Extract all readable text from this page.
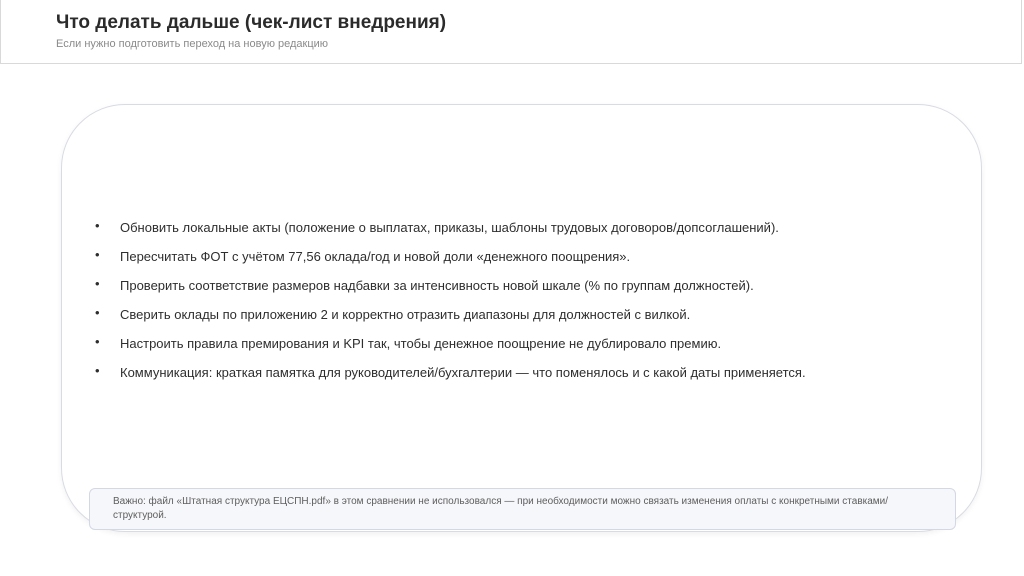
Что делать дальше (чек-лист внедрения)
Если нужно подготовить переход на новую редакцию
• Обновить локальные акты (положение о выплатах, приказы, шаблоны трудовых договоров/допсоглашений).
• Пересчитать ФОТ с учётом 77,56 оклада/год и новой доли «денежного поощрения».
• Проверить соответствие размеров надбавки за интенсивность новой шкале (% по группам должностей).
• Сверить оклады по приложению 2 и корректно отразить диапазоны для должностей с вилкой.
• Настроить правила премирования и KPI так, чтобы денежное поощрение не дублировало премию.
• Коммуникация: краткая памятка для руководителей/бухгалтерии — что поменялось и с какой даты применяется.
Важно: файл «Штатная структура ЕЦСПН.pdf» в этом сравнении не использовался — при необходимости можно связать изменения оплаты с конкретными ставками/структурой.
